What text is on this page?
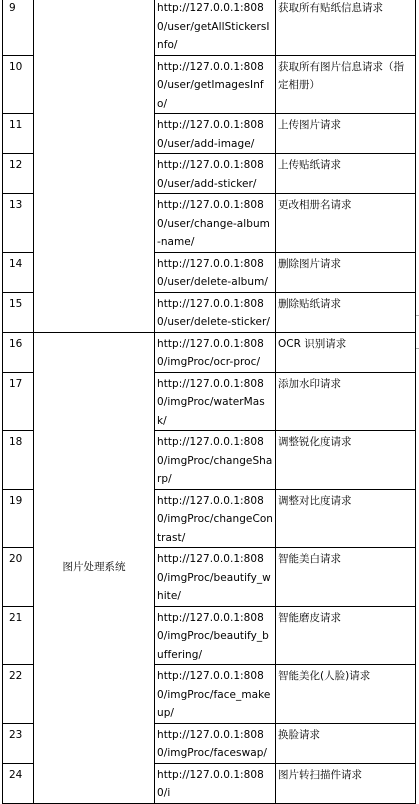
9		http://127.0.0.1:8080/user/getAllStickersInfo/	获取所有贴纸信息请求
10		http://127.0.0.1:8080/user/getImagesInfo/	获取所有图片信息请求（指定相册）
11		http://127.0.0.1:8080/user/add-image/	上传图片请求
12		http://127.0.0.1:8080/user/add-sticker/	上传贴纸请求
13		http://127.0.0.1:8080/user/change-album-name/	更改相册名请求
14		http://127.0.0.1:8080/user/delete-album/	删除图片请求
15		http://127.0.0.1:8080/user/delete-sticker/	删除贴纸请求
16	图片处理系统	http://127.0.0.1:8080/imgProc/ocr-proc/	OCR 识别请求
17		http://127.0.0.1:8080/imgProc/waterMask/	添加水印请求
18		http://127.0.0.1:8080/imgProc/changeSharp/	调整锐化度请求
19		http://127.0.0.1:8080/imgProc/changeContrast/	调整对比度请求
20		http://127.0.0.1:8080/imgProc/beautify_white/	智能美白请求
21		http://127.0.0.1:8080/imgProc/beautify_buffering/	智能磨皮请求
22		http://127.0.0.1:8080/imgProc/face_makeup/	智能美化(人脸)请求
23		http://127.0.0.1:8080/imgProc/faceswap/	换脸请求
24		http://127.0.0.1:8080/i	图片转扫描件请求
